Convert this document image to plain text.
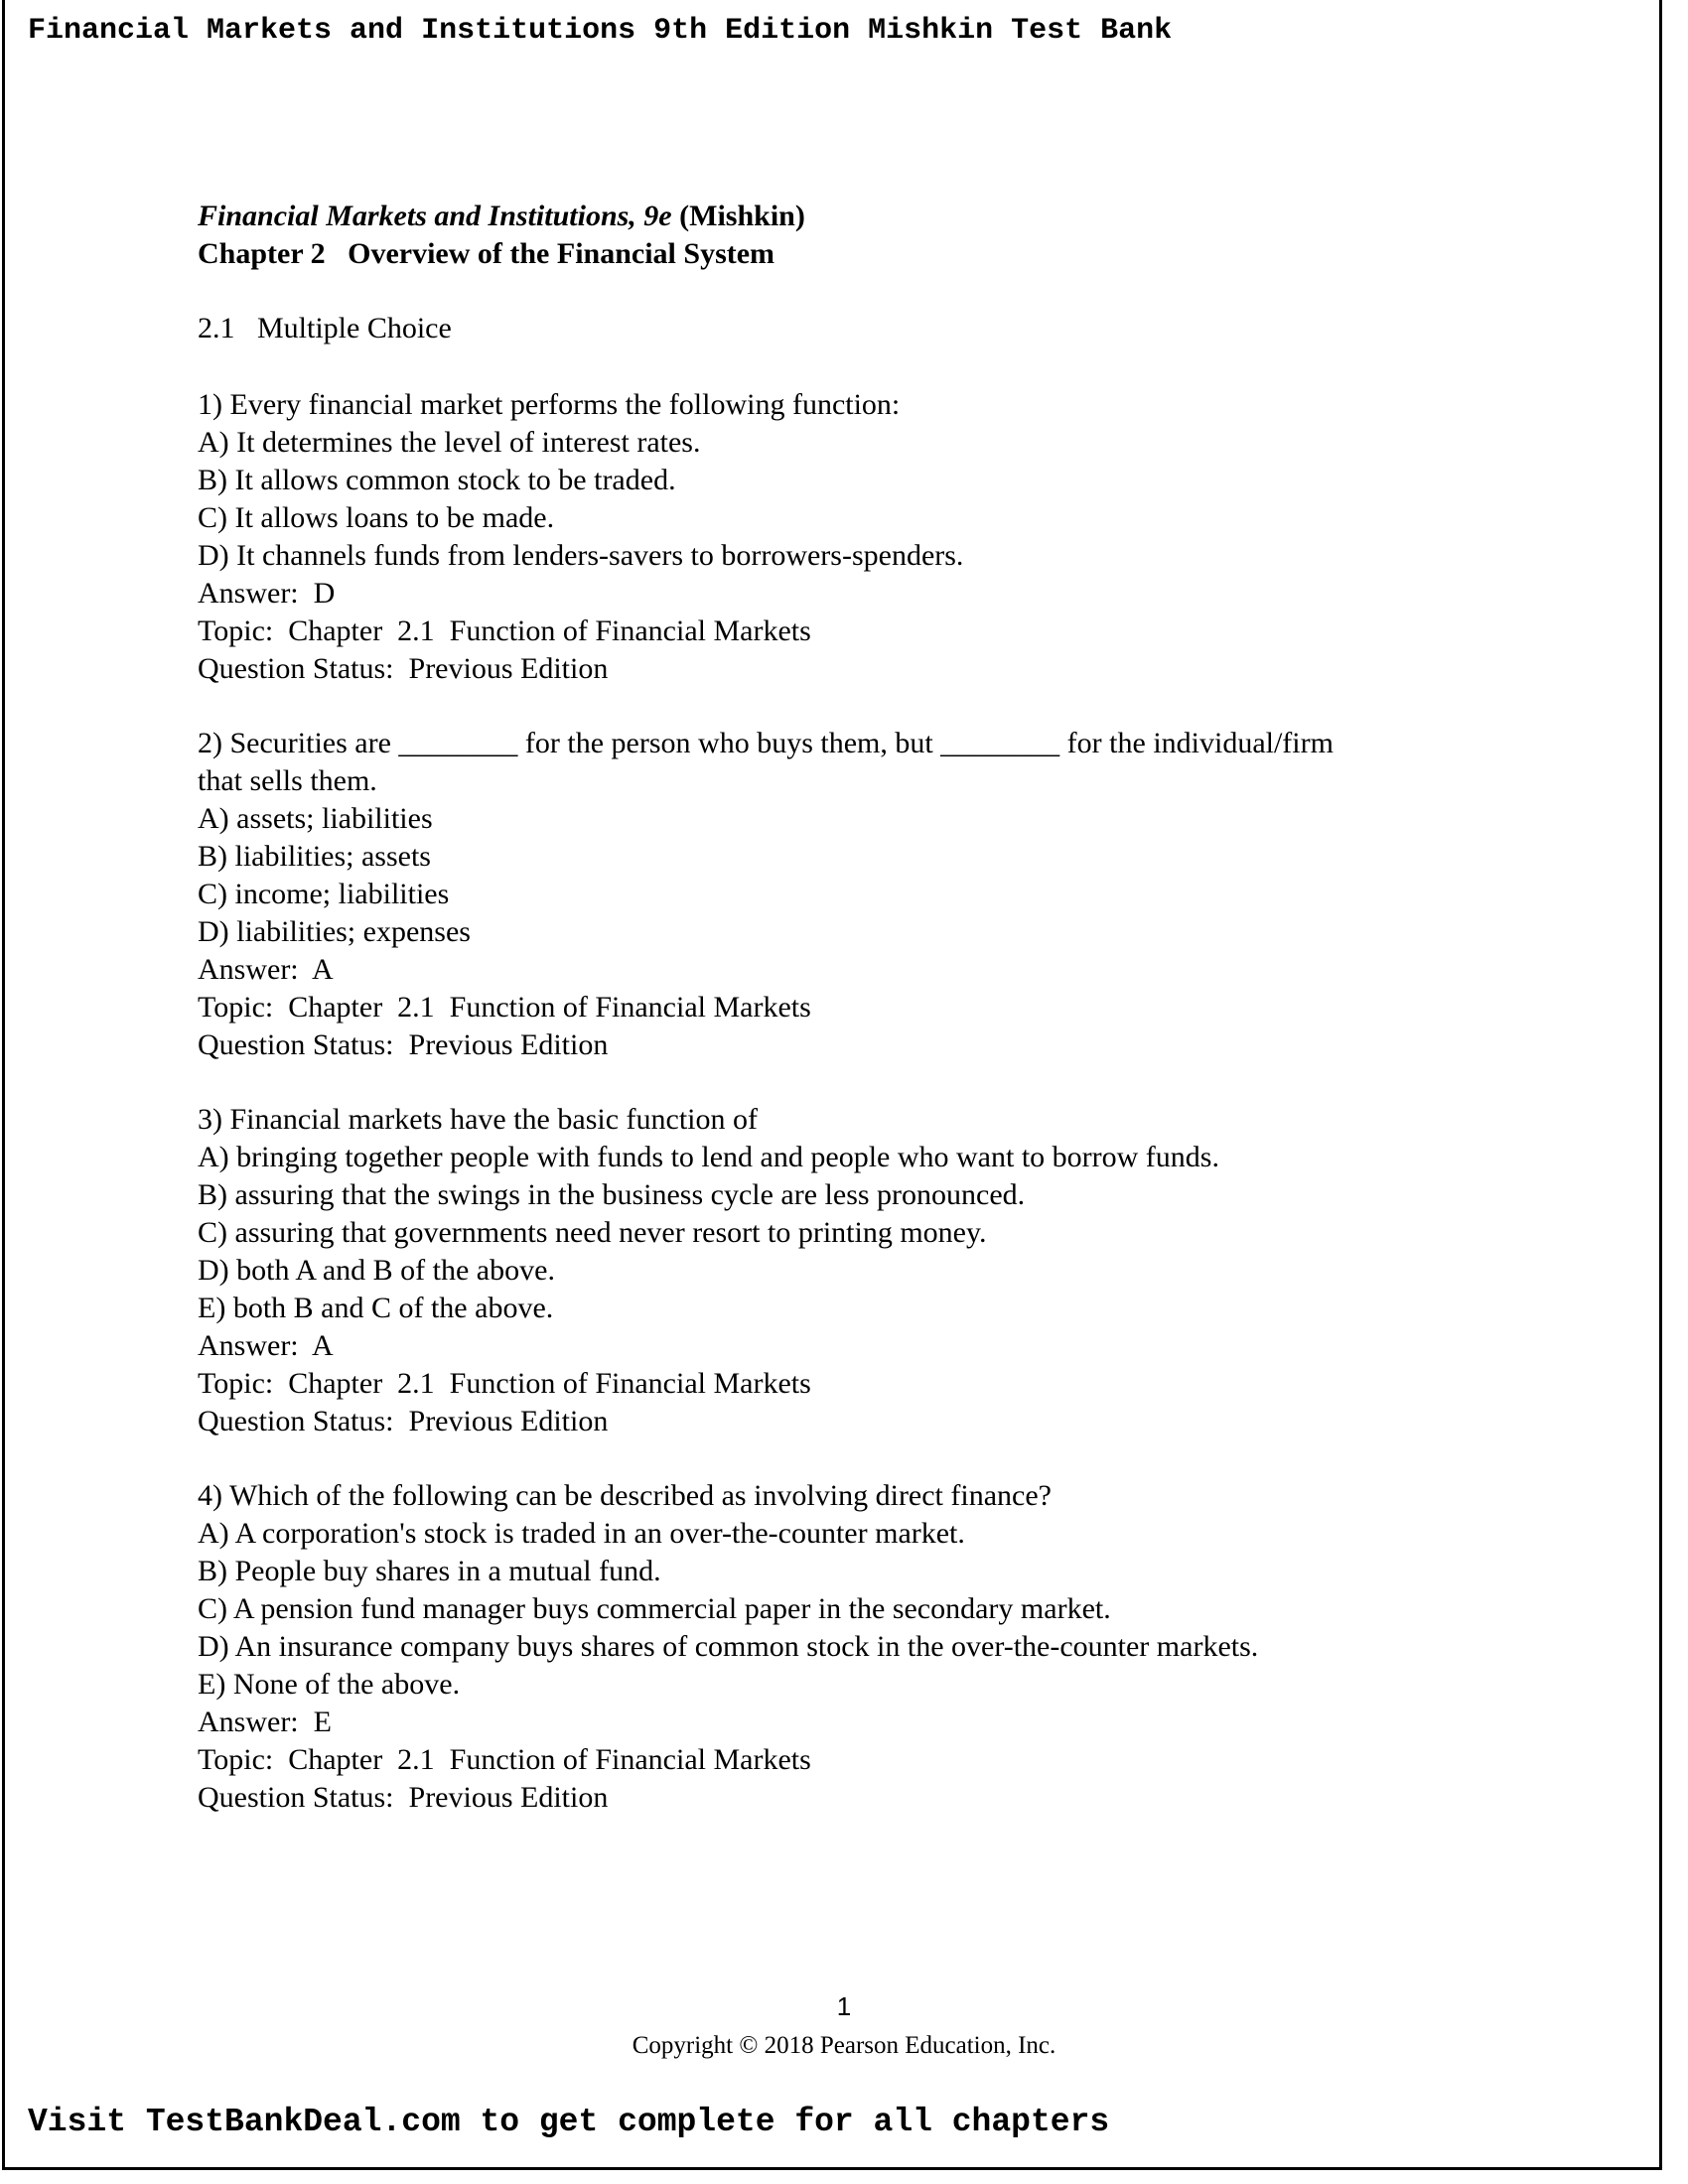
Financial Markets and Institutions 9th Edition Mishkin Test Bank
Financial Markets and Institutions, 9e (Mishkin)
Chapter 2   Overview of the Financial System
2.1   Multiple Choice
1) Every financial market performs the following function:
A) It determines the level of interest rates.
B) It allows common stock to be traded.
C) It allows loans to be made.
D) It channels funds from lenders-savers to borrowers-spenders.
Answer:  D
Topic:  Chapter  2.1  Function of Financial Markets
Question Status:  Previous Edition
2) Securities are ________ for the person who buys them, but ________ for the individual/firm
that sells them.
A) assets; liabilities
B) liabilities; assets
C) income; liabilities
D) liabilities; expenses
Answer:  A
Topic:  Chapter  2.1  Function of Financial Markets
Question Status:  Previous Edition
3) Financial markets have the basic function of
A) bringing together people with funds to lend and people who want to borrow funds.
B) assuring that the swings in the business cycle are less pronounced.
C) assuring that governments need never resort to printing money.
D) both A and B of the above.
E) both B and C of the above.
Answer:  A
Topic:  Chapter  2.1  Function of Financial Markets
Question Status:  Previous Edition
4) Which of the following can be described as involving direct finance?
A) A corporation's stock is traded in an over-the-counter market.
B) People buy shares in a mutual fund.
C) A pension fund manager buys commercial paper in the secondary market.
D) An insurance company buys shares of common stock in the over-the-counter markets.
E) None of the above.
Answer:  E
Topic:  Chapter  2.1  Function of Financial Markets
Question Status:  Previous Edition
1
Copyright © 2018 Pearson Education, Inc.
Visit TestBankDeal.com to get complete for all chapters
